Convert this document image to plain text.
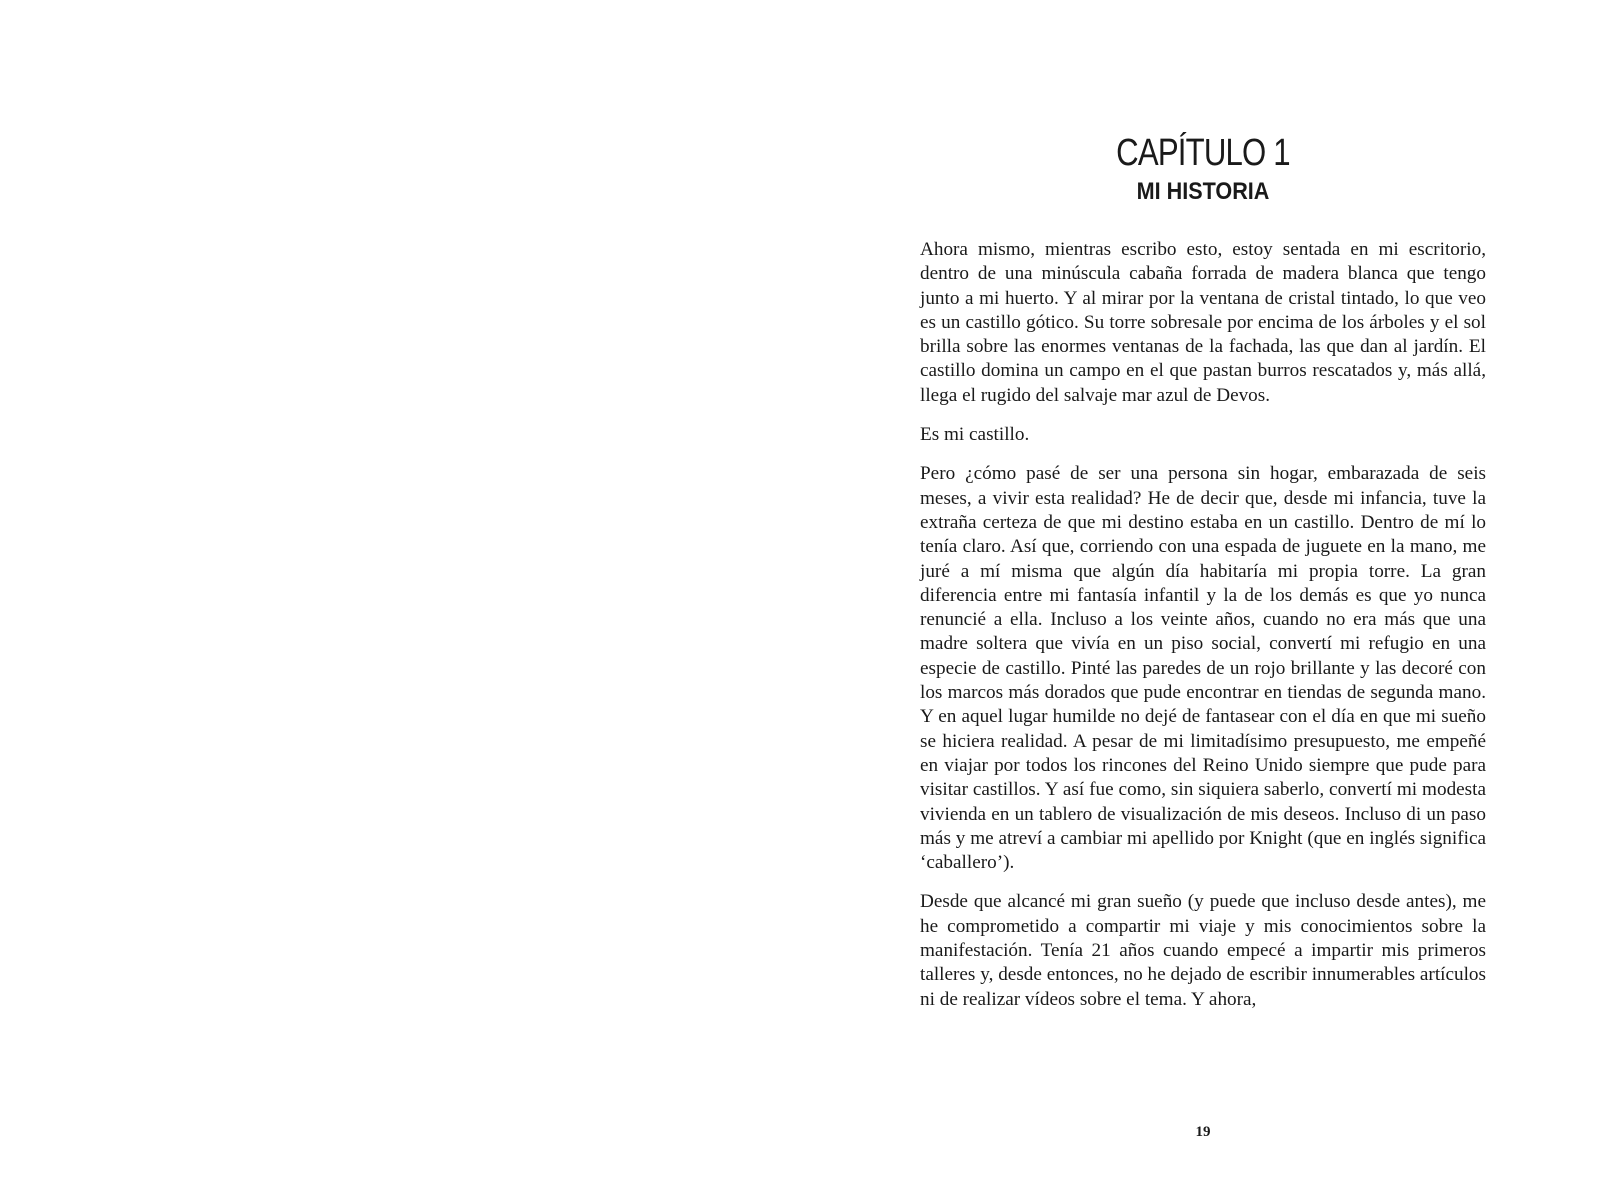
CAPÍTULO 1
MI HISTORIA

Ahora mismo, mientras escribo esto, estoy sentada en mi escritorio, dentro de una minúscula cabaña forrada de madera blanca que tengo junto a mi huerto. Y al mirar por la ventana de cristal tintado, lo que veo es un castillo gótico. Su torre sobresale por encima de los árboles y el sol brilla sobre las enormes ventanas de la fachada, las que dan al jardín. El castillo domina un campo en el que pastan burros rescatados y, más allá, llega el rugido del salvaje mar azul de Devos.

Es mi castillo.

Pero ¿cómo pasé de ser una persona sin hogar, embarazada de seis meses, a vivir esta realidad? He de decir que, desde mi infancia, tuve la extraña certeza de que mi destino estaba en un castillo. Dentro de mí lo tenía claro. Así que, corriendo con una espada de juguete en la mano, me juré a mí misma que algún día habitaría mi propia torre. La gran diferencia entre mi fantasía infantil y la de los demás es que yo nunca renuncié a ella. Incluso a los veinte años, cuando no era más que una madre soltera que vivía en un piso social, convertí mi refugio en una especie de castillo. Pinté las paredes de un rojo brillante y las decoré con los marcos más dorados que pude encontrar en tiendas de segunda mano. Y en aquel lugar humilde no dejé de fantasear con el día en que mi sueño se hiciera realidad. A pesar de mi limitadísimo presupuesto, me empeñé en viajar por todos los rincones del Reino Unido siempre que pude para visitar castillos. Y así fue como, sin siquiera saberlo, convertí mi modesta vivienda en un tablero de visualización de mis deseos. Incluso di un paso más y me atreví a cambiar mi apellido por Knight (que en inglés significa ‘caballero’).

Desde que alcancé mi gran sueño (y puede que incluso desde antes), me he comprometido a compartir mi viaje y mis conocimientos sobre la manifestación. Tenía 21 años cuando empecé a impartir mis primeros talleres y, desde entonces, no he dejado de escribir innumerables artículos ni de realizar vídeos sobre el tema. Y ahora,

19
